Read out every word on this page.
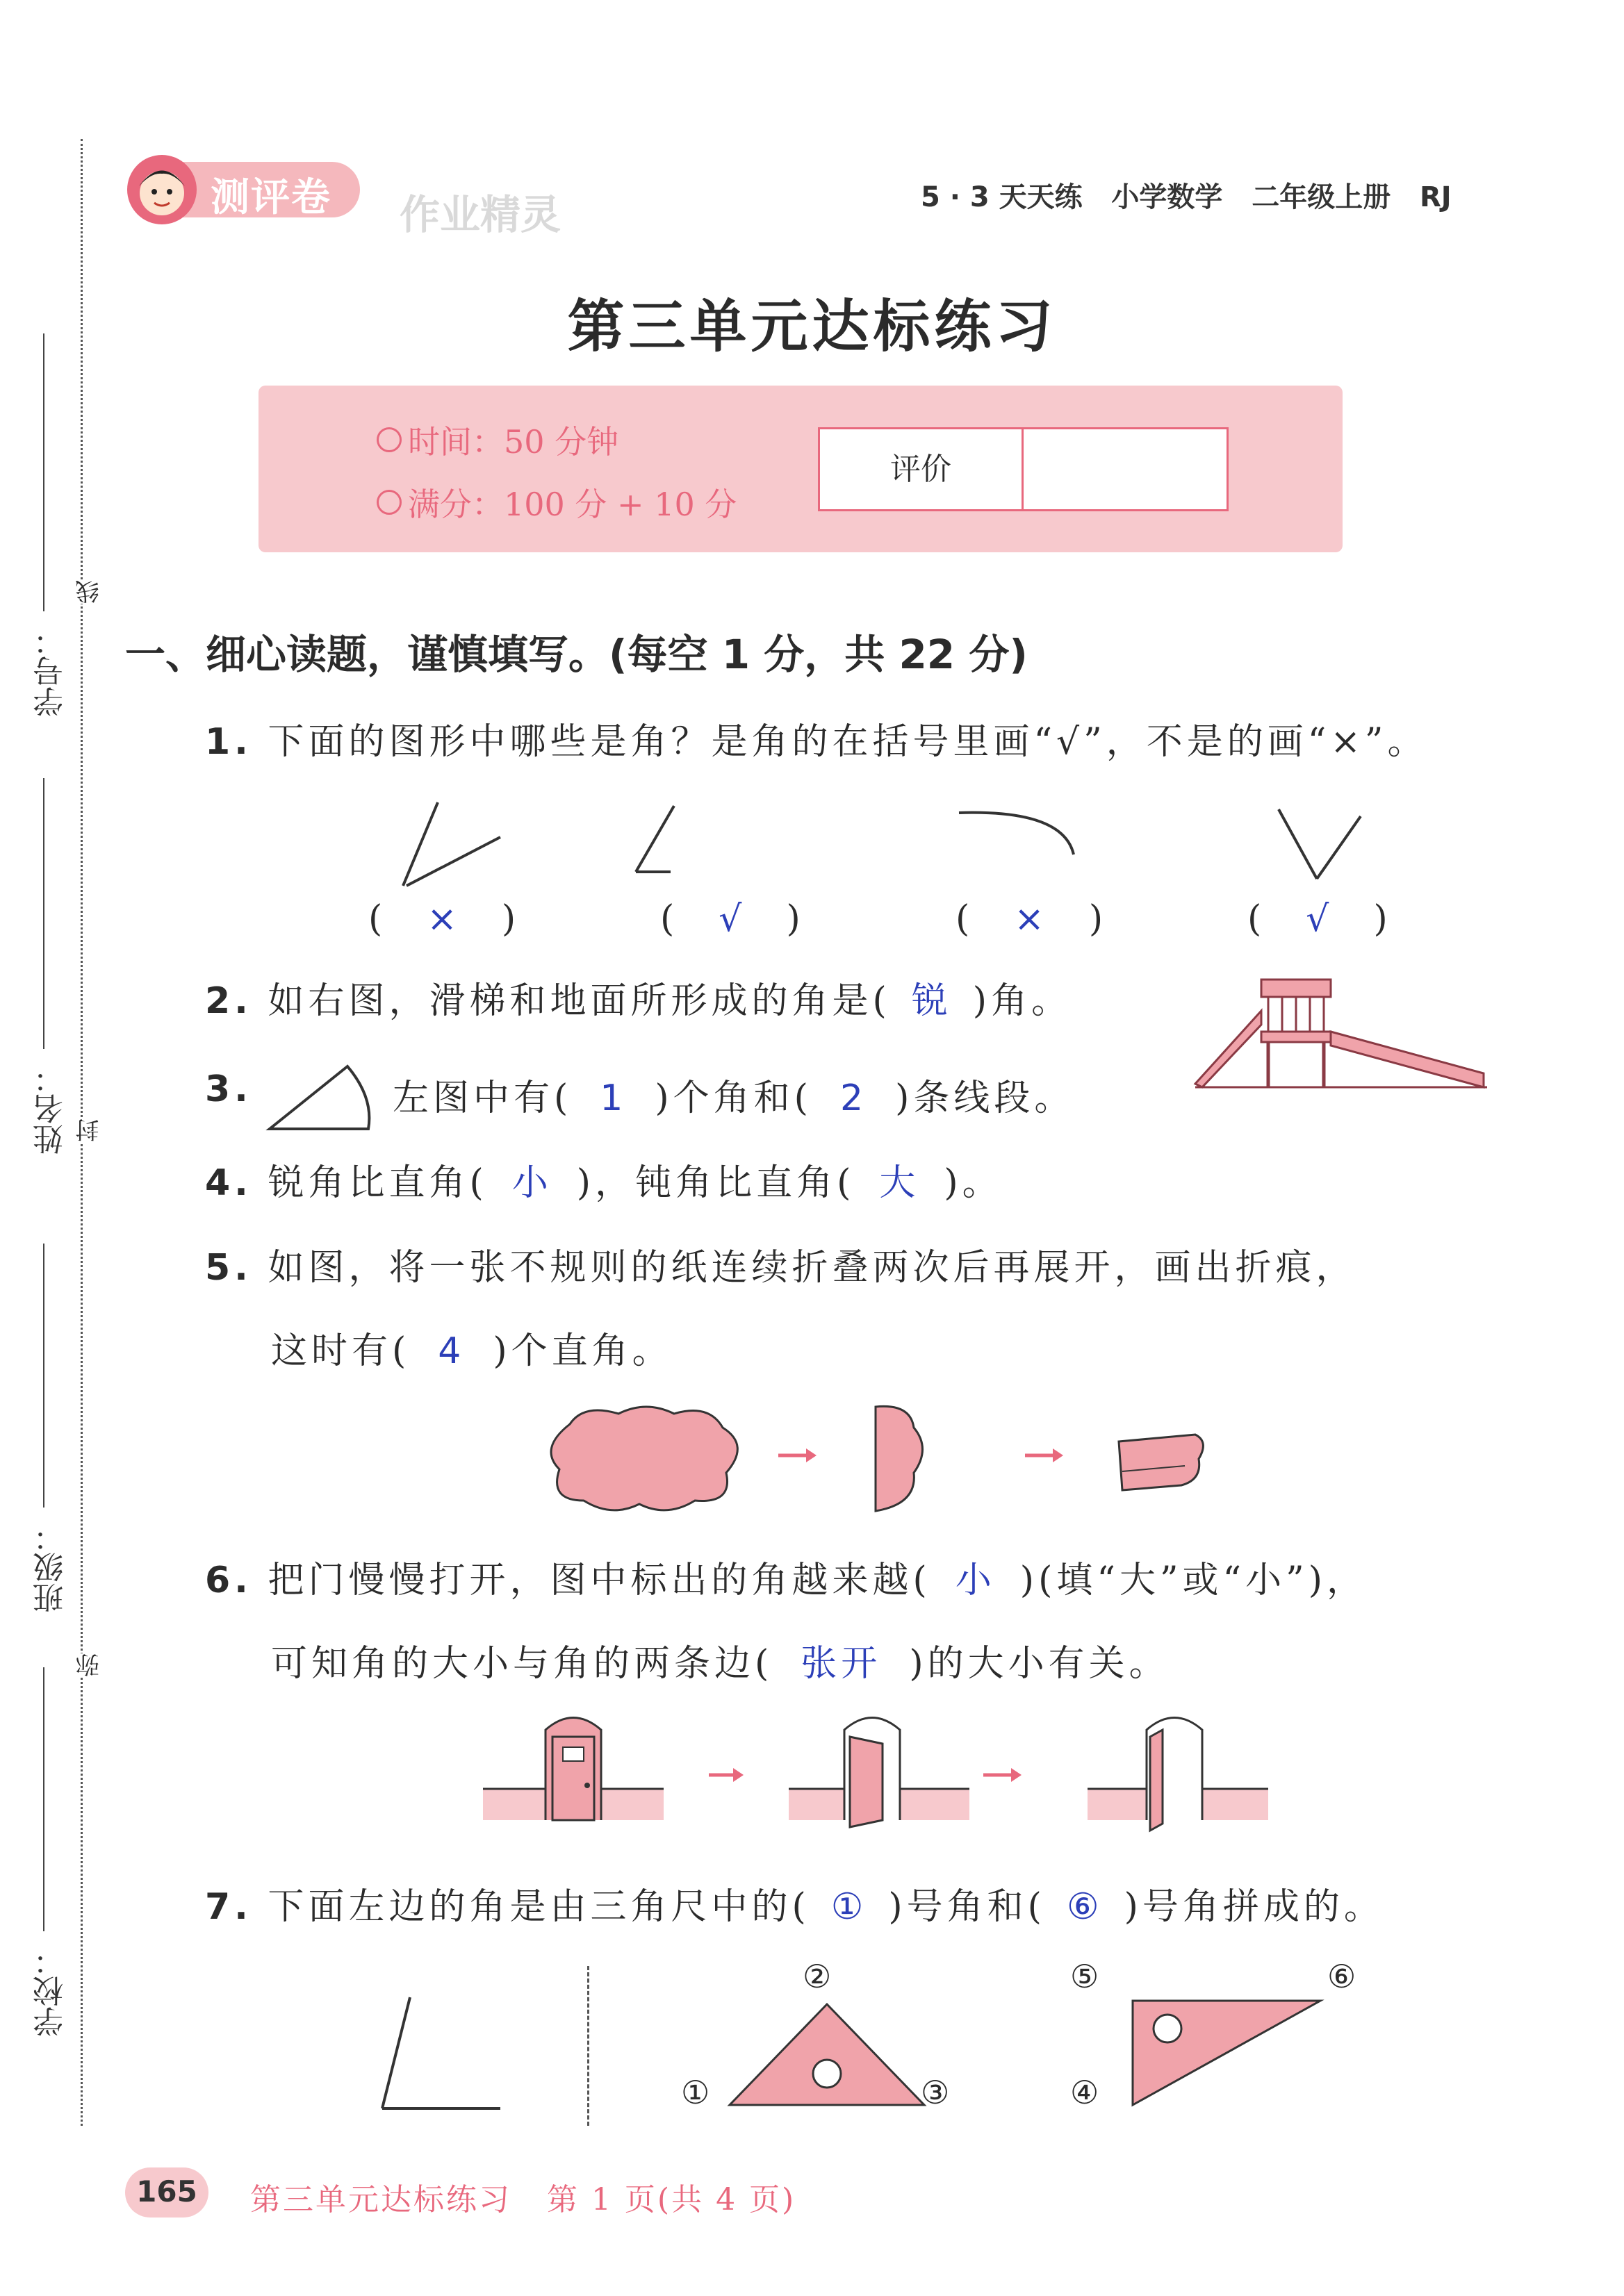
线
封
弥
学号：
姓名：
班级：
学校：
测评卷 作业精灵	5 · 3 天天练   小学数学   二年级上册   RJ
第三单元达标练习
时间：50 分钟
满分：100 分 + 10 分
评价
一、细心读题，谨慎填写。(每空 1 分，共 22 分)
1. 下面的图形中哪些是角？是角的在括号里画“√”，不是的画“×”。
(　×　)	(　√　)	(　×　)	(　√　)
2. 如右图，滑梯和地面所形成的角是( 锐 )角。
3.	左图中有( 1 )个角和( 2 )条线段。
4. 锐角比直角( 小 )，钝角比直角( 大 )。
5. 如图，将一张不规则的纸连续折叠两次后再展开，画出折痕，
这时有( 4 )个直角。
6. 把门慢慢打开，图中标出的角越来越( 小 )(填“大”或“小”)，
可知角的大小与角的两条边( 张开 )的大小有关。
7. 下面左边的角是由三角尺中的( ① )号角和( ⑥ )号角拼成的。
②
①	③
⑤	⑥
④
165	第三单元达标练习   第 1 页(共 4 页)
